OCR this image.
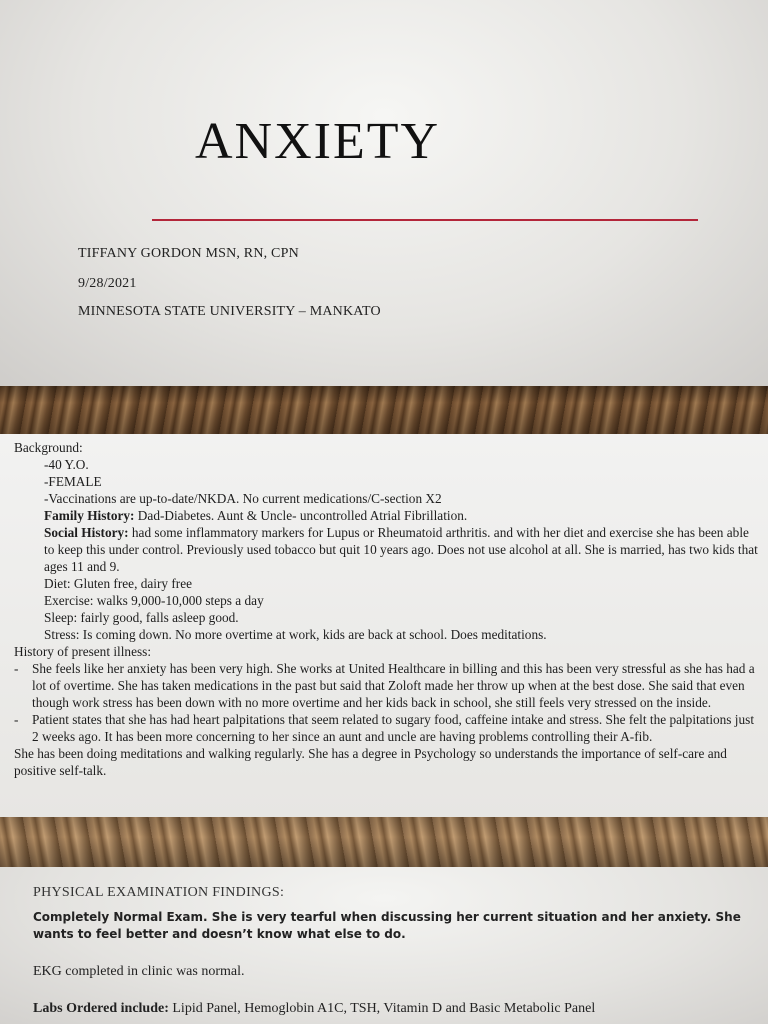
ANXIETY
TIFFANY GORDON MSN, RN, CPN
9/28/2021
MINNESOTA STATE UNIVERSITY – MANKATO
Background:
-40 Y.O.
-FEMALE
-Vaccinations are up-to-date/NKDA. No current medications/C-section X2
Family History: Dad-Diabetes. Aunt & Uncle- uncontrolled Atrial Fibrillation.
Social History: had some inflammatory markers for Lupus or Rheumatoid arthritis. and with her diet and exercise she has been able to keep this under control. Previously used tobacco but quit 10 years ago. Does not use alcohol at all. She is married, has two kids that ages 11 and 9.
Diet: Gluten free, dairy free
Exercise: walks 9,000-10,000 steps a day
Sleep: fairly good, falls asleep good.
Stress: Is coming down. No more overtime at work, kids are back at school. Does meditations.
History of present illness:
-	She feels like her anxiety has been very high. She works at United Healthcare in billing and this has been very stressful as she has had a lot of overtime. She has taken medications in the past but said that Zoloft made her throw up when at the best dose. She said that even though work stress has been down with no more overtime and her kids back in school, she still feels very stressed on the inside.
-	Patient states that she has had heart palpitations that seem related to sugary food, caffeine intake and stress. She felt the palpitations just 2 weeks ago. It has been more concerning to her since an aunt and uncle are having problems controlling their A-fib.
She has been doing meditations and walking regularly. She has a degree in Psychology so understands the importance of self-care and positive self-talk.
PHYSICAL EXAMINATION FINDINGS:
Completely Normal Exam. She is very tearful when discussing her current situation and her anxiety. She wants to feel better and doesn’t know what else to do.
EKG completed in clinic was normal.
Labs Ordered include: Lipid Panel, Hemoglobin A1C, TSH, Vitamin D and Basic Metabolic Panel
